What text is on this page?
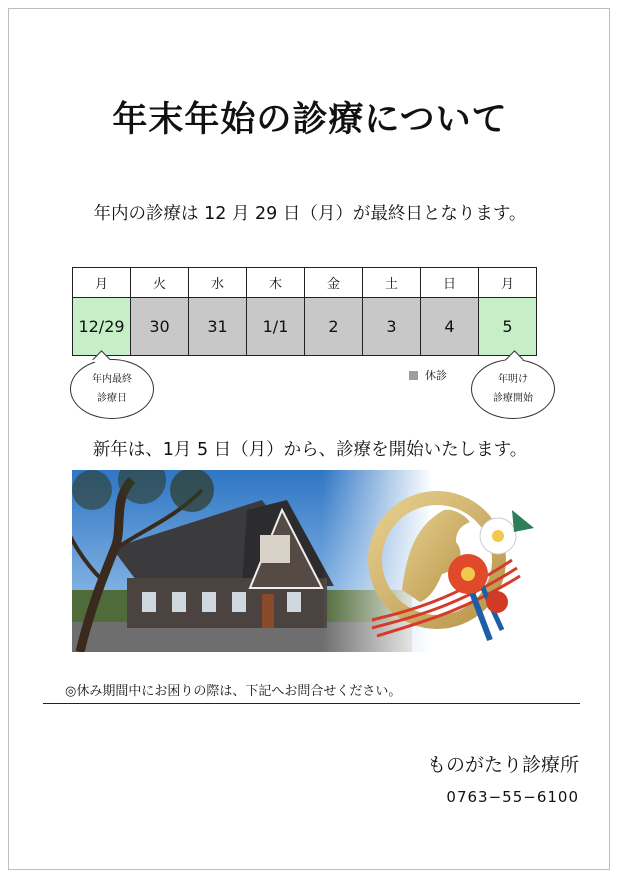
年末年始の診療について
年内の診療は 12 月 29 日（月）が最終日となります。
月	火	水	木	金	土	日	月
12/29	30	31	1/1	2	3	4	5
年内最終
診療日
年明け
診療開始
休診
新年は、1月 5 日（月）から、診療を開始いたします。
◎休み期間中にお困りの際は、下記へお問合せください。
ものがたり診療所
0763−55−6100
